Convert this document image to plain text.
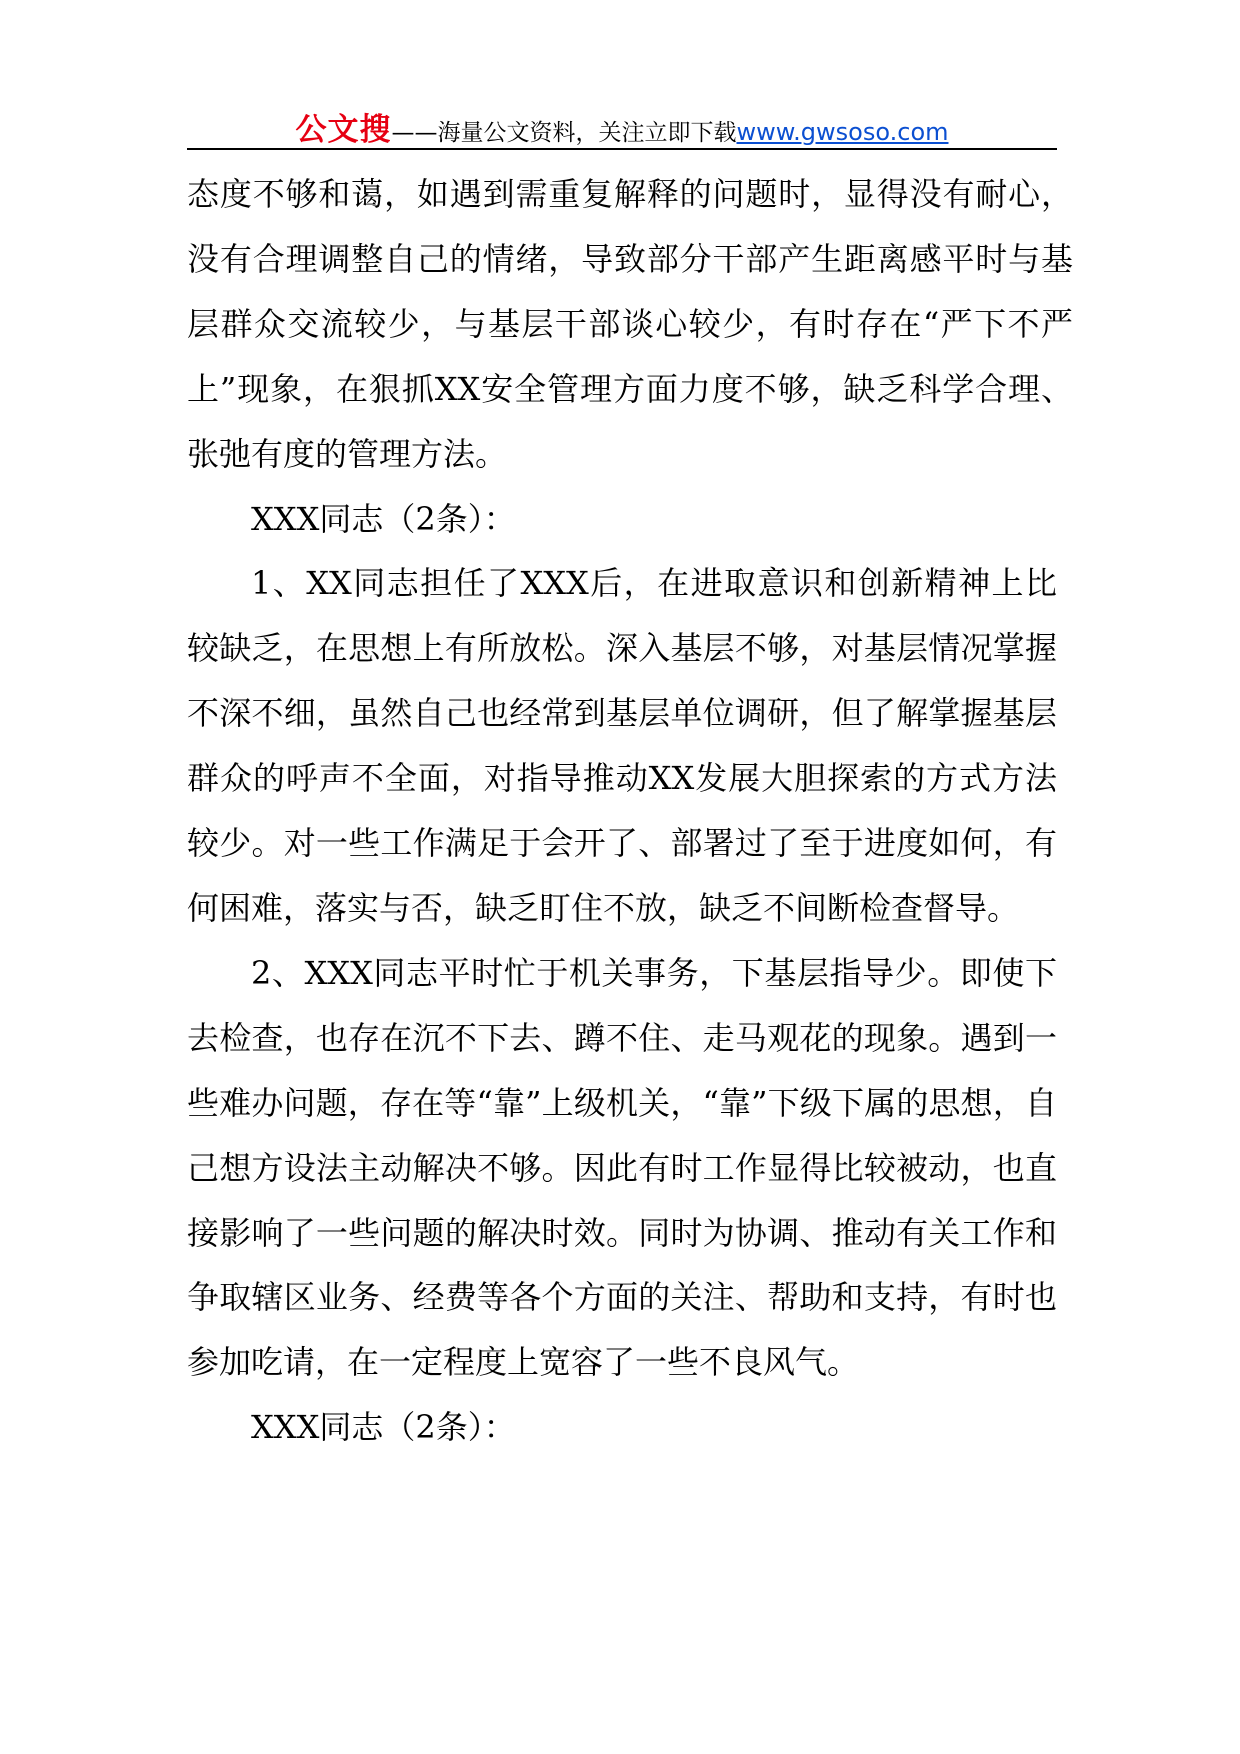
公文搜——海量公文资料，关注立即下载www.gwsoso.com

态度不够和蔼，如遇到需重复解释的问题时，显得没有耐心，没有合理调整自己的情绪，导致部分干部产生距离感平时与基层群众交流较少，与基层干部谈心较少，有时存在“严下不严上”现象，在狠抓XX安全管理方面力度不够，缺乏科学合理、张弛有度的管理方法。

XXX同志（2条）：

1、XX同志担任了XXX后，在进取意识和创新精神上比较缺乏，在思想上有所放松。深入基层不够，对基层情况掌握不深不细，虽然自己也经常到基层单位调研，但了解掌握基层群众的呼声不全面，对指导推动XX发展大胆探索的方式方法较少。对一些工作满足于会开了、部署过了至于进度如何，有何困难，落实与否，缺乏盯住不放，缺乏不间断检查督导。

2、XXX同志平时忙于机关事务，下基层指导少。即使下去检查，也存在沉不下去、蹲不住、走马观花的现象。遇到一些难办问题，存在等“靠”上级机关，“靠”下级下属的思想，自己想方设法主动解决不够。因此有时工作显得比较被动，也直接影响了一些问题的解决时效。同时为协调、推动有关工作和争取辖区业务、经费等各个方面的关注、帮助和支持，有时也参加吃请，在一定程度上宽容了一些不良风气。

XXX同志（2条）：
